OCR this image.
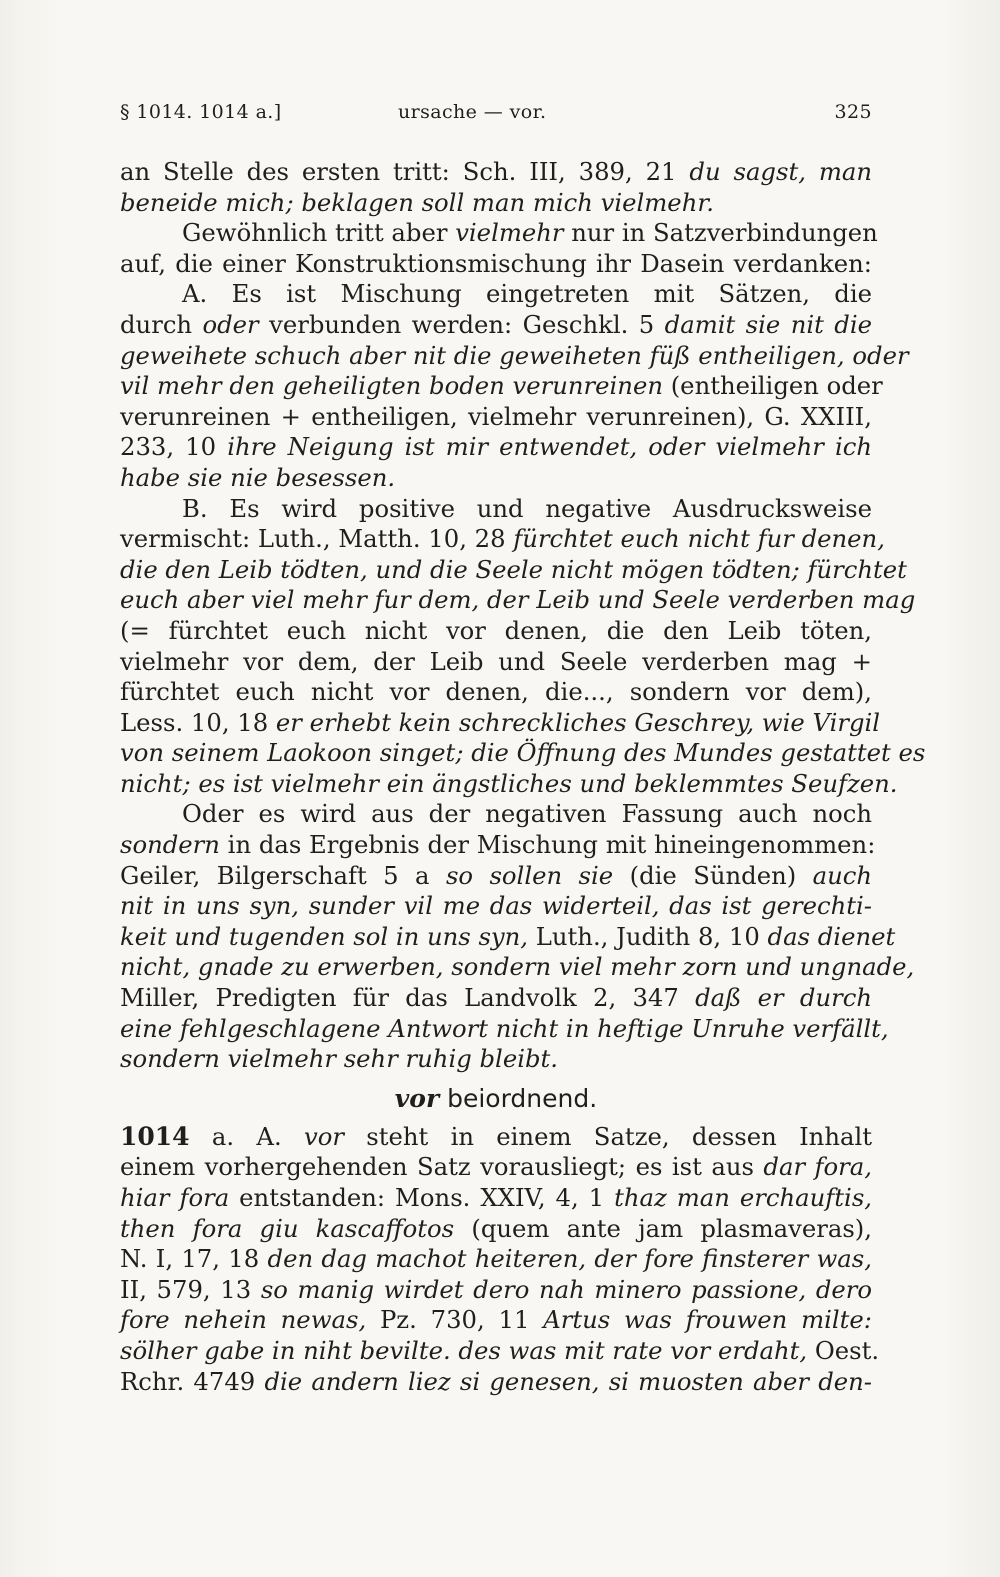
§ 1014. 1014 a.]	ursache — vor.	325
an Stelle des ersten tritt: Sch. III, 389, 21 du sagst, man
beneide mich; beklagen soll man mich vielmehr.
Gewöhnlich tritt aber vielmehr nur in Satzverbindungen
auf, die einer Konstruktionsmischung ihr Dasein verdanken:
A. Es ist Mischung eingetreten mit Sätzen, die
durch oder verbunden werden: Geschkl. 5 damit sie nit die
geweihete schuch aber nit die geweiheten füß entheiligen, oder
vil mehr den geheiligten boden verunreinen (entheiligen oder
verunreinen + entheiligen, vielmehr verunreinen), G. XXIII,
233, 10 ihre Neigung ist mir entwendet, oder vielmehr ich
habe sie nie besessen.
B. Es wird positive und negative Ausdrucksweise
vermischt: Luth., Matth. 10, 28 fürchtet euch nicht fur denen,
die den Leib tödten, und die Seele nicht mögen tödten; fürchtet
euch aber viel mehr fur dem, der Leib und Seele verderben mag
(= fürchtet euch nicht vor denen, die den Leib töten,
vielmehr vor dem, der Leib und Seele verderben mag +
fürchtet euch nicht vor denen, die..., sondern vor dem),
Less. 10, 18 er erhebt kein schreckliches Geschrey, wie Virgil
von seinem Laokoon singet; die Öffnung des Mundes gestattet es
nicht; es ist vielmehr ein ängstliches und beklemmtes Seufzen.
Oder es wird aus der negativen Fassung auch noch
sondern in das Ergebnis der Mischung mit hineingenommen:
Geiler, Bilgerschaft 5 a so sollen sie (die Sünden) auch
nit in uns syn, sunder vil me das widerteil, das ist gerechti-
keit und tugenden sol in uns syn, Luth., Judith 8, 10 das dienet
nicht, gnade zu erwerben, sondern viel mehr zorn und ungnade,
Miller, Predigten für das Landvolk 2, 347 daß er durch
eine fehlgeschlagene Antwort nicht in heftige Unruhe verfällt,
sondern vielmehr sehr ruhig bleibt.
vor beiordnend.
1014 a. A. vor steht in einem Satze, dessen Inhalt
einem vorhergehenden Satz vorausliegt; es ist aus dar fora,
hiar fora entstanden: Mons. XXIV, 4, 1 thaz man erchauftis,
then fora giu kascaffotos (quem ante jam plasmaveras),
N. I, 17, 18 den dag machot heiteren, der fore finsterer was,
II, 579, 13 so manig wirdet dero nah minero passione, dero
fore nehein newas, Pz. 730, 11 Artus was frouwen milte:
sölher gabe in niht bevilte. des was mit rate vor erdaht, Oest.
Rchr. 4749 die andern liez si genesen, si muosten aber den-
